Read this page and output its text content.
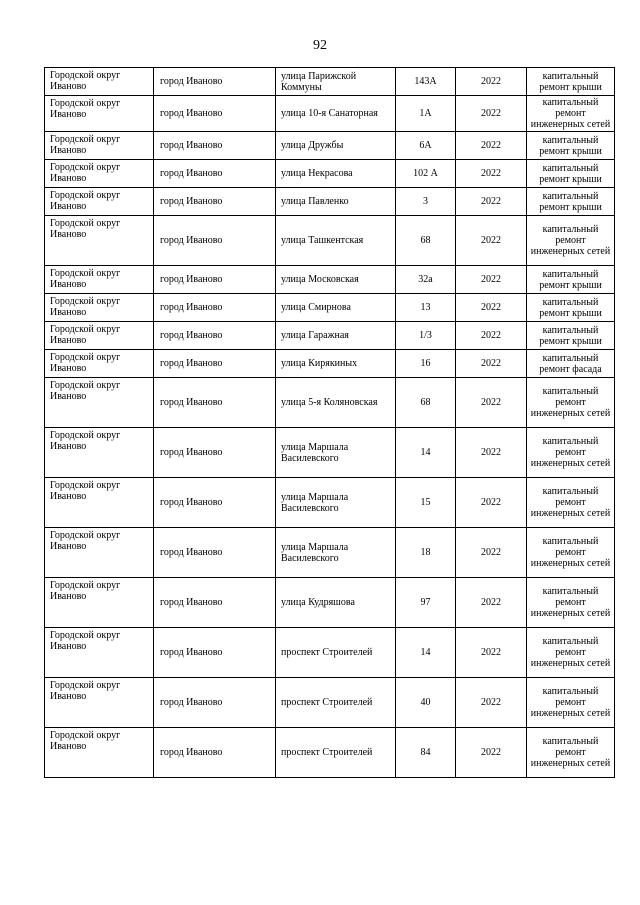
92
Городской округ Иваново	город Иваново	улица Парижской Коммуны	143А	2022	капитальный ремонт крыши
Городской округ Иваново	город Иваново	улица 10-я Санаторная	1А	2022	капитальный ремонт инженерных сетей
Городской округ Иваново	город Иваново	улица Дружбы	6А	2022	капитальный ремонт крыши
Городской округ Иваново	город Иваново	улица Некрасова	102 А	2022	капитальный ремонт крыши
Городской округ Иваново	город Иваново	улица Павленко	3	2022	капитальный ремонт крыши
Городской округ Иваново	город Иваново	улица Ташкентская	68	2022	капитальный ремонт инженерных сетей
Городской округ Иваново	город Иваново	улица Московская	32а	2022	капитальный ремонт крыши
Городской округ Иваново	город Иваново	улица Смирнова	13	2022	капитальный ремонт крыши
Городской округ Иваново	город Иваново	улица Гаражная	1/3	2022	капитальный ремонт крыши
Городской округ Иваново	город Иваново	улица Кирякиных	16	2022	капитальный ремонт фасада
Городской округ Иваново	город Иваново	улица 5-я Коляновская	68	2022	капитальный ремонт инженерных сетей
Городской округ Иваново	город Иваново	улица Маршала Василевского	14	2022	капитальный ремонт инженерных сетей
Городской округ Иваново	город Иваново	улица Маршала Василевского	15	2022	капитальный ремонт инженерных сетей
Городской округ Иваново	город Иваново	улица Маршала Василевского	18	2022	капитальный ремонт инженерных сетей
Городской округ Иваново	город Иваново	улица Кудряшова	97	2022	капитальный ремонт инженерных сетей
Городской округ Иваново	город Иваново	проспект Строителей	14	2022	капитальный ремонт инженерных сетей
Городской округ Иваново	город Иваново	проспект Строителей	40	2022	капитальный ремонт инженерных сетей
Городской округ Иваново	город Иваново	проспект Строителей	84	2022	капитальный ремонт инженерных сетей
